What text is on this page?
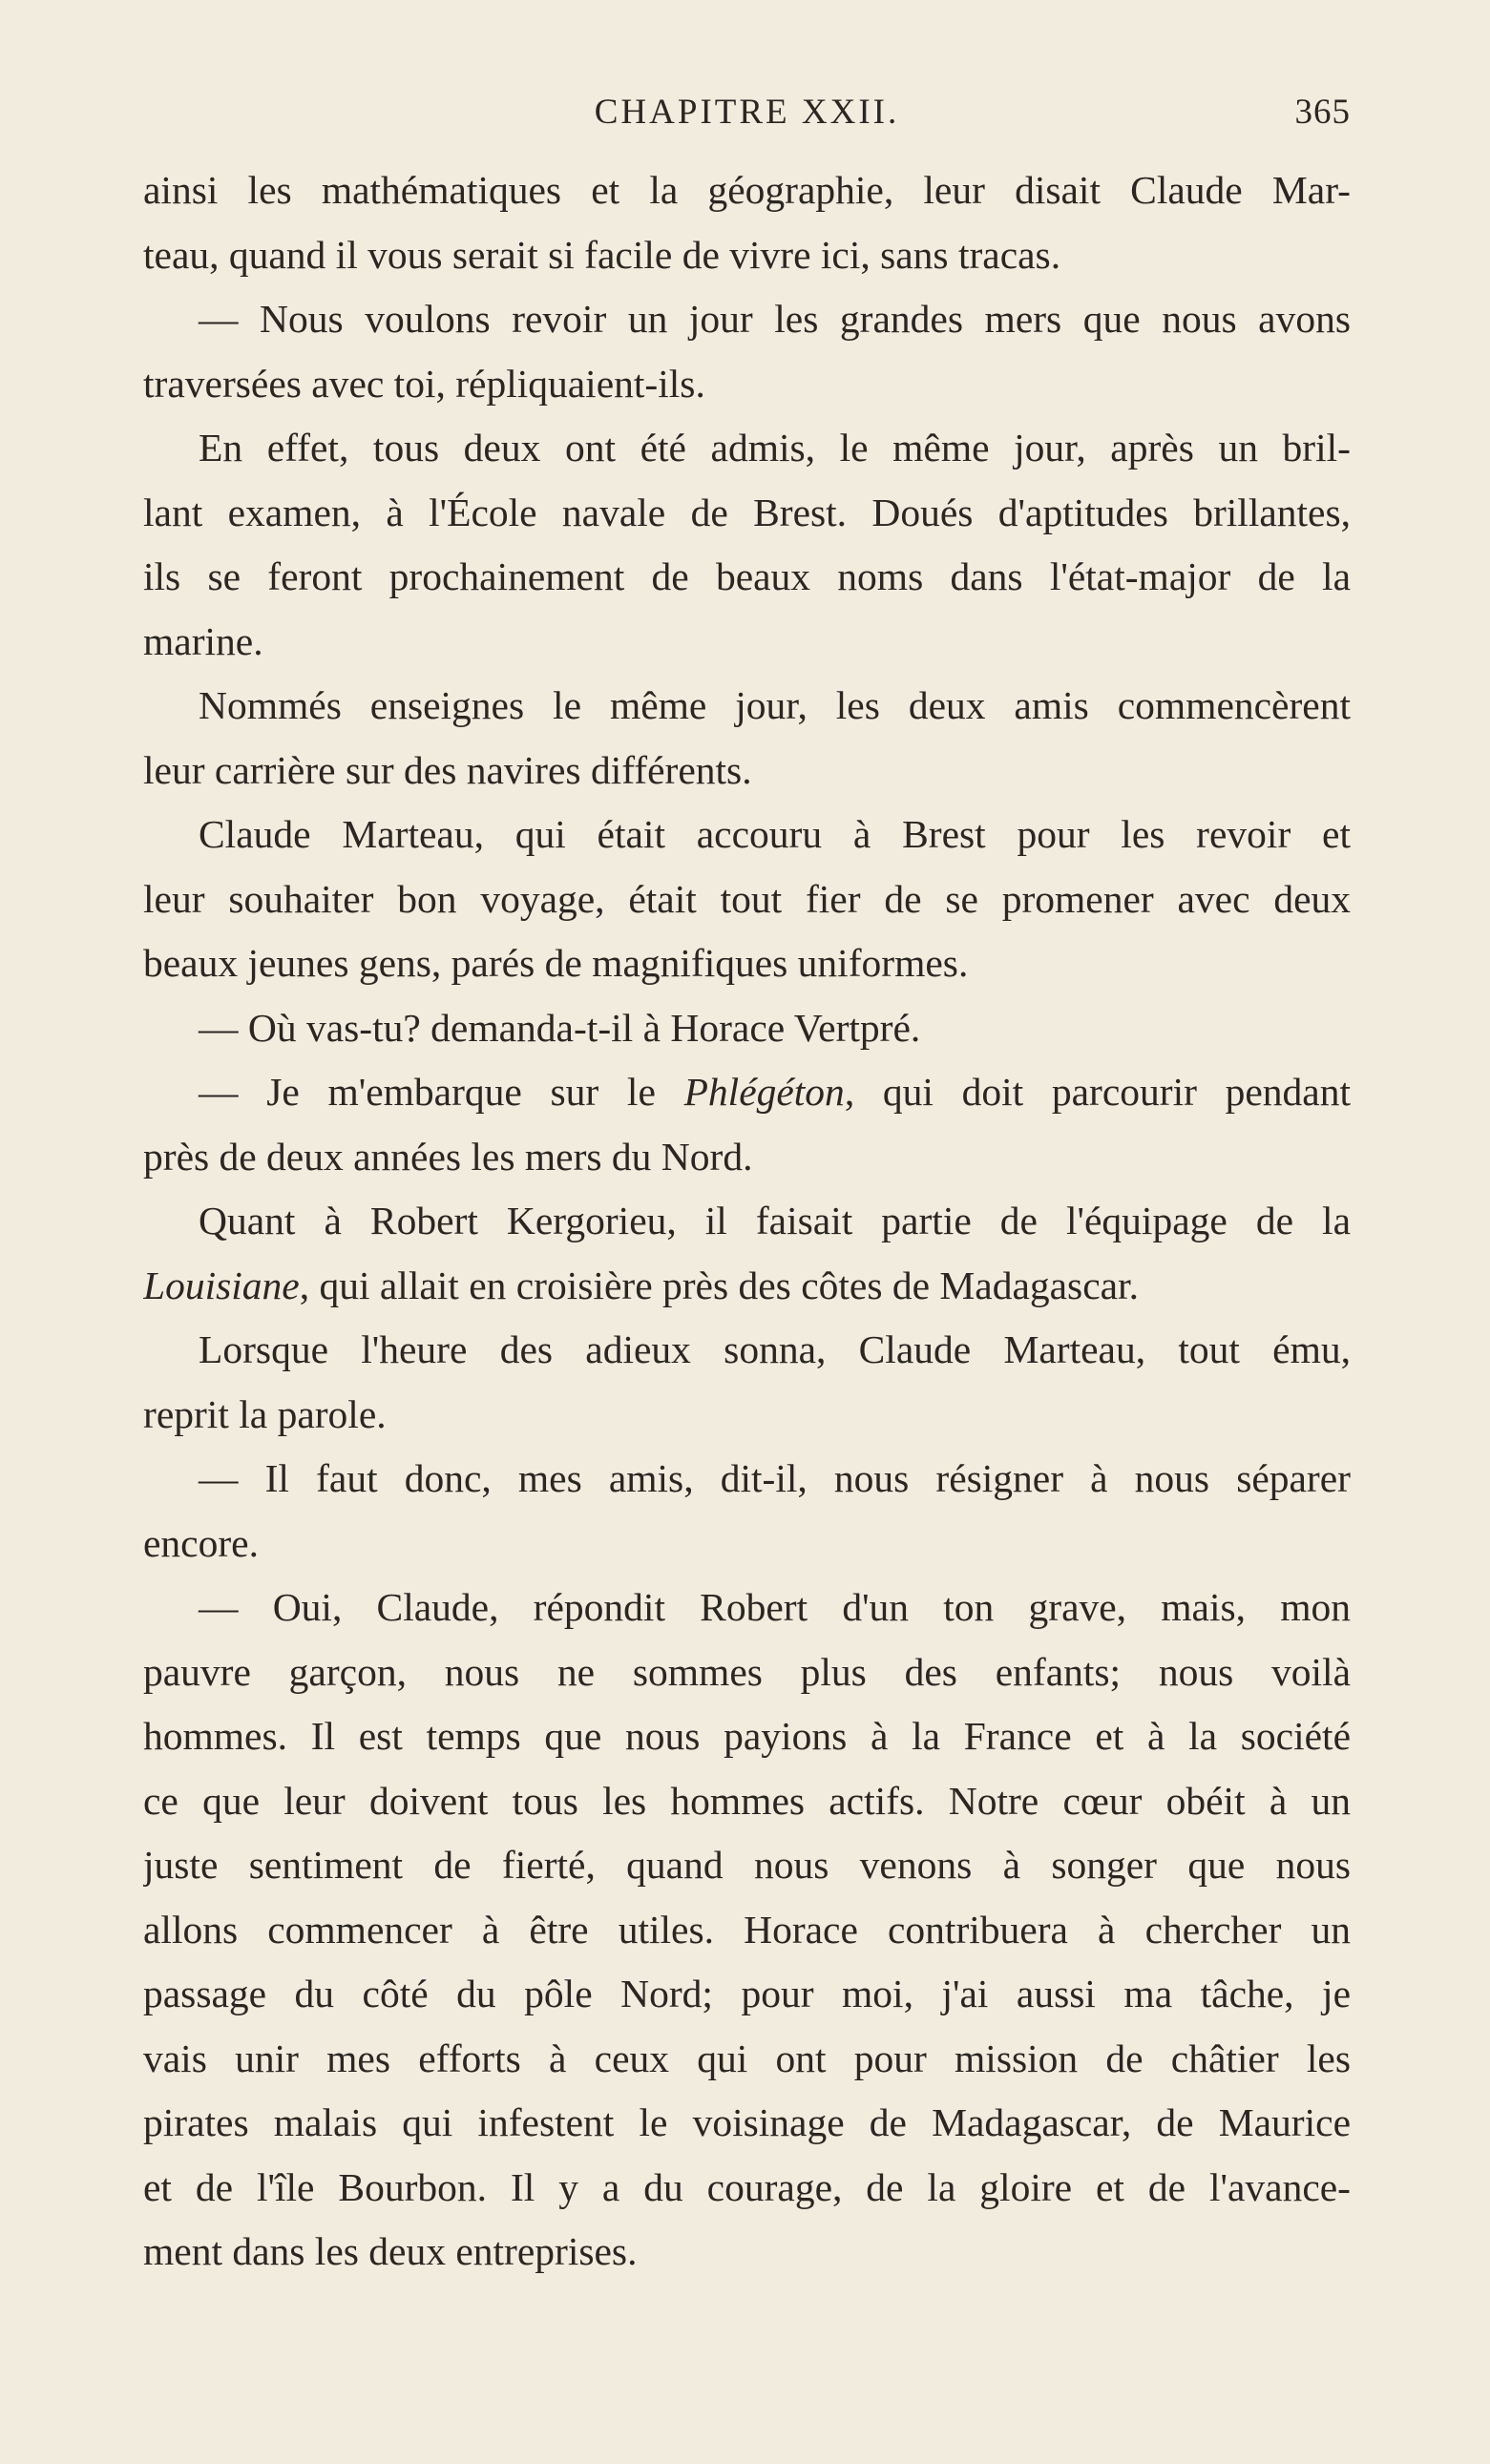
CHAPITRE XXII.	365
ainsi les mathématiques et la géographie, leur disait Claude Mar-
teau, quand il vous serait si facile de vivre ici, sans tracas.
— Nous voulons revoir un jour les grandes mers que nous avons
traversées avec toi, répliquaient-ils.
En effet, tous deux ont été admis, le même jour, après un bril-
lant examen, à l'École navale de Brest. Doués d'aptitudes brillantes,
ils se feront prochainement de beaux noms dans l'état-major de la
marine.
Nommés enseignes le même jour, les deux amis commencèrent
leur carrière sur des navires différents.
Claude Marteau, qui était accouru à Brest pour les revoir et
leur souhaiter bon voyage, était tout fier de se promener avec deux
beaux jeunes gens, parés de magnifiques uniformes.
— Où vas-tu? demanda-t-il à Horace Vertpré.
— Je m'embarque sur le Phlégéton, qui doit parcourir pendant
près de deux années les mers du Nord.
Quant à Robert Kergorieu, il faisait partie de l'équipage de la
Louisiane, qui allait en croisière près des côtes de Madagascar.
Lorsque l'heure des adieux sonna, Claude Marteau, tout ému,
reprit la parole.
— Il faut donc, mes amis, dit-il, nous résigner à nous séparer
encore.
— Oui, Claude, répondit Robert d'un ton grave, mais, mon
pauvre garçon, nous ne sommes plus des enfants; nous voilà
hommes. Il est temps que nous payions à la France et à la société
ce que leur doivent tous les hommes actifs. Notre cœur obéit à un
juste sentiment de fierté, quand nous venons à songer que nous
allons commencer à être utiles. Horace contribuera à chercher un
passage du côté du pôle Nord; pour moi, j'ai aussi ma tâche, je
vais unir mes efforts à ceux qui ont pour mission de châtier les
pirates malais qui infestent le voisinage de Madagascar, de Maurice
et de l'île Bourbon. Il y a du courage, de la gloire et de l'avance-
ment dans les deux entreprises.
